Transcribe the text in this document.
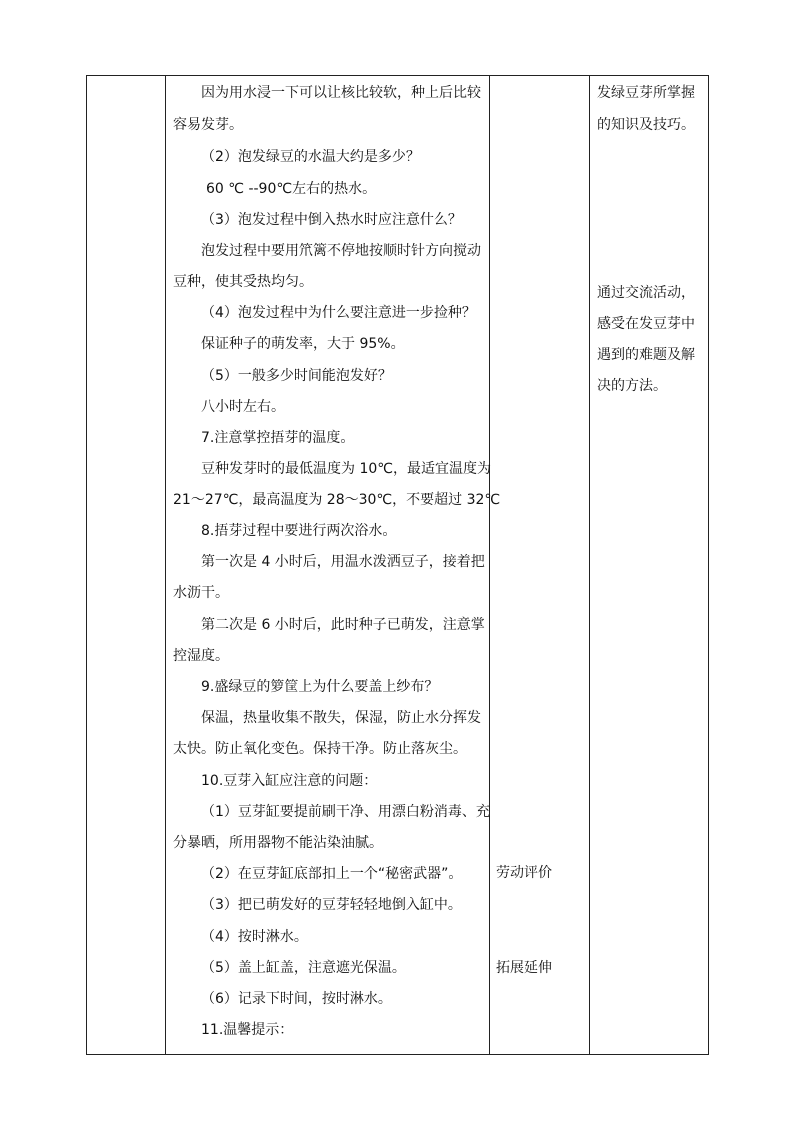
因为用水浸一下可以让核比较软，种上后比较
容易发芽。
（2）泡发绿豆的水温大约是多少？
60 ℃ --90℃左右的热水。
（3）泡发过程中倒入热水时应注意什么？
泡发过程中要用笊篱不停地按顺时针方向搅动
豆种，使其受热均匀。
（4）泡发过程中为什么要注意进一步捡种？
保证种子的萌发率，大于 95%。
（5）一般多少时间能泡发好？
八小时左右。
7.注意掌控捂芽的温度。
豆种发芽时的最低温度为 10℃，最适宜温度为
21～27℃，最高温度为 28～30℃，不要超过 32℃
8.捂芽过程中要进行两次浴水。
第一次是 4 小时后，用温水泼洒豆子，接着把
水沥干。
第二次是 6 小时后，此时种子已萌发，注意掌
控湿度。
9.盛绿豆的箩筐上为什么要盖上纱布？
保温，热量收集不散失，保湿，防止水分挥发
太快。防止氧化变色。保持干净。防止落灰尘。
10.豆芽入缸应注意的问题：
（1）豆芽缸要提前刷干净、用漂白粉消毒、充
分暴晒，所用器物不能沾染油腻。
（2）在豆芽缸底部扣上一个“秘密武器”。
（3）把已萌发好的豆芽轻轻地倒入缸中。
（4）按时淋水。
（5）盖上缸盖，注意遮光保温。
（6）记录下时间，按时淋水。
11.温馨提示：

劳动评价
拓展延伸

发绿豆芽所掌握
的知识及技巧。
通过交流活动，
感受在发豆芽中
遇到的难题及解
决的方法。
